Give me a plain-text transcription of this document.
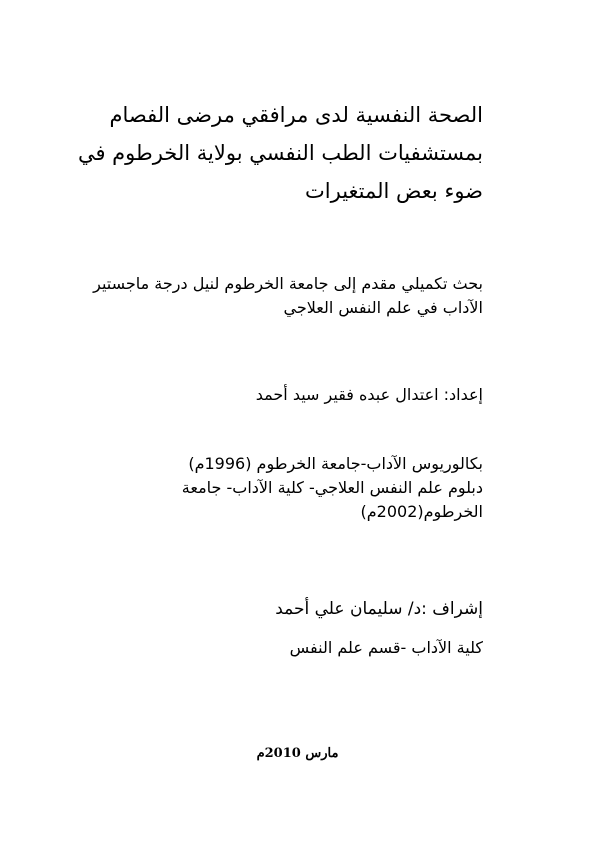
الصحة النفسية لدى مرافقي مرضى الفصام
بمستشفيات الطب النفسي بولاية الخرطوم في
ضوء بعض المتغيرات
بحث تكميلي مقدم إلى جامعة الخرطوم لنيل درجة ماجستير
الآداب في علم النفس العلاجي
إعداد: اعتدال عبده فقير سيد أحمد
بكالوريوس الآداب-جامعة الخرطوم (1996م)
دبلوم علم النفس العلاجي- كلية الآداب- جامعة
الخرطوم(2002م)
إشراف :د/ سليمان علي أحمد
كلية الآداب -قسم علم النفس
مارس 2010م
